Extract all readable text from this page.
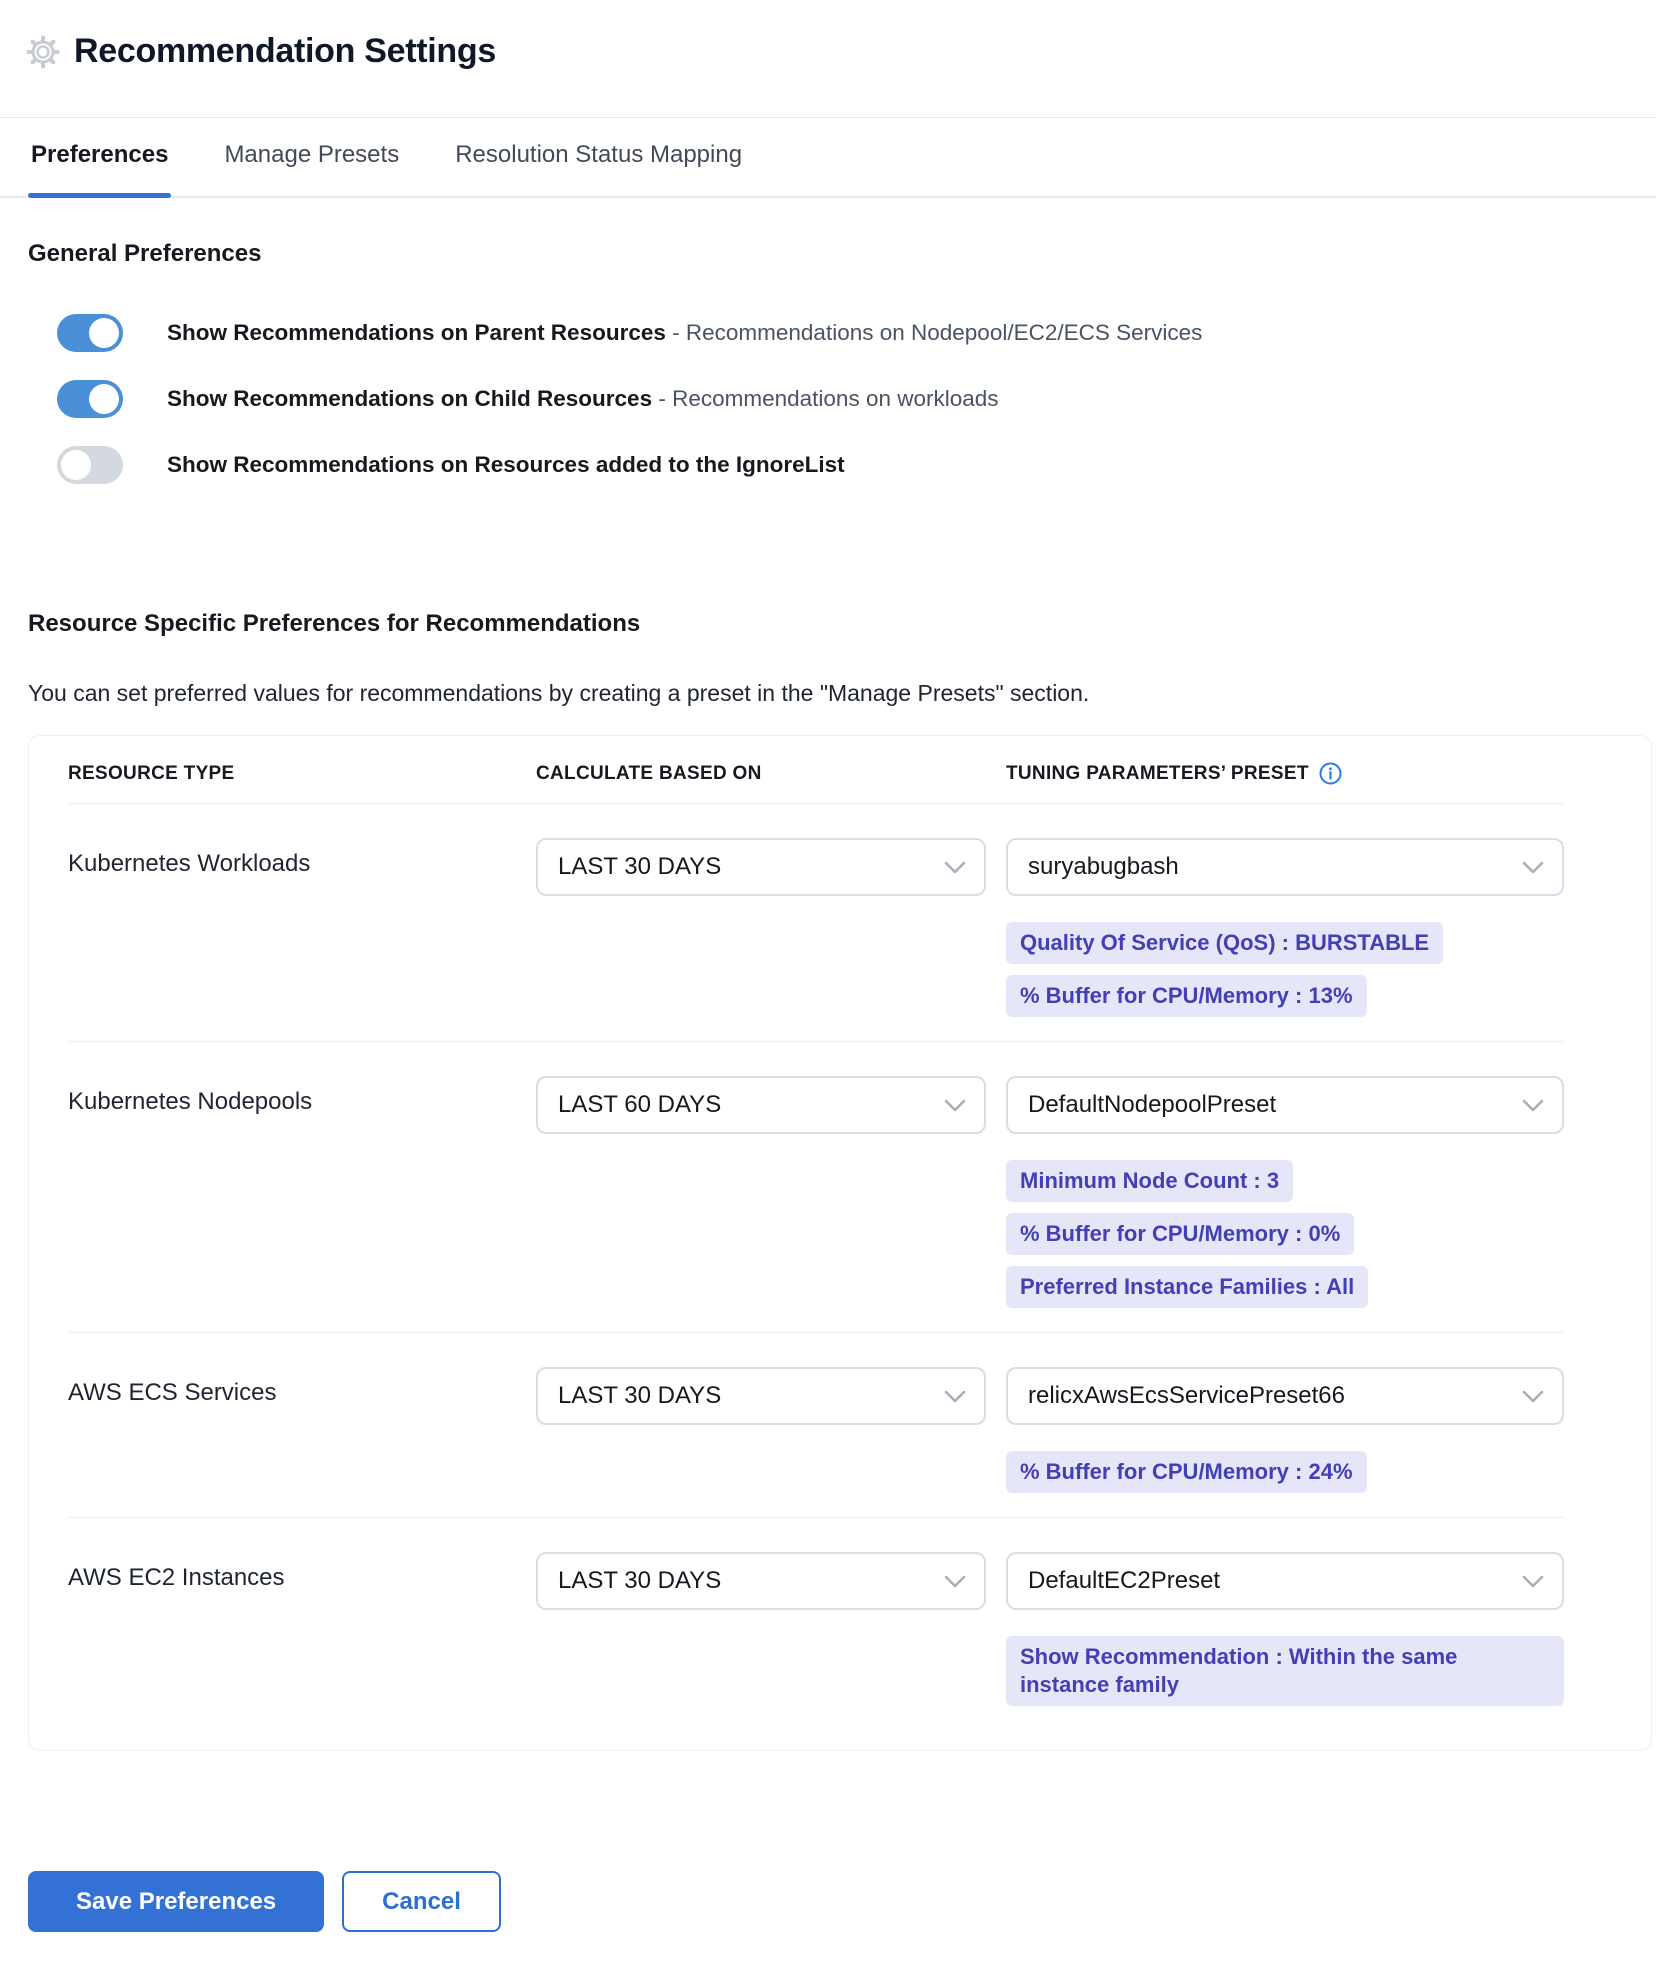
Recommendation Settings
Preferences Manage Presets Resolution Status Mapping
General Preferences
Show Recommendations on Parent Resources - Recommendations on Nodepool/EC2/ECS Services
Show Recommendations on Child Resources - Recommendations on workloads
Show Recommendations on Resources added to the IgnoreList
Resource Specific Preferences for Recommendations

You can set preferred values for recommendations by creating a preset in the "Manage Presets" section.

RESOURCE TYPE	CALCULATE BASED ON	TUNING PARAMETERS’ PRESET
Kubernetes Workloads	LAST 30 DAYS	suryabugbash
Quality Of Service (QoS) : BURSTABLE
% Buffer for CPU/Memory : 13%
Kubernetes Nodepools	LAST 60 DAYS	DefaultNodepoolPreset
Minimum Node Count : 3
% Buffer for CPU/Memory : 0%
Preferred Instance Families : All
AWS ECS Services	LAST 30 DAYS	relicxAwsEcsServicePreset66
% Buffer for CPU/Memory : 24%
AWS EC2 Instances	LAST 30 DAYS	DefaultEC2Preset
Show Recommendation : Within the same instance family
Save Preferences	Cancel
